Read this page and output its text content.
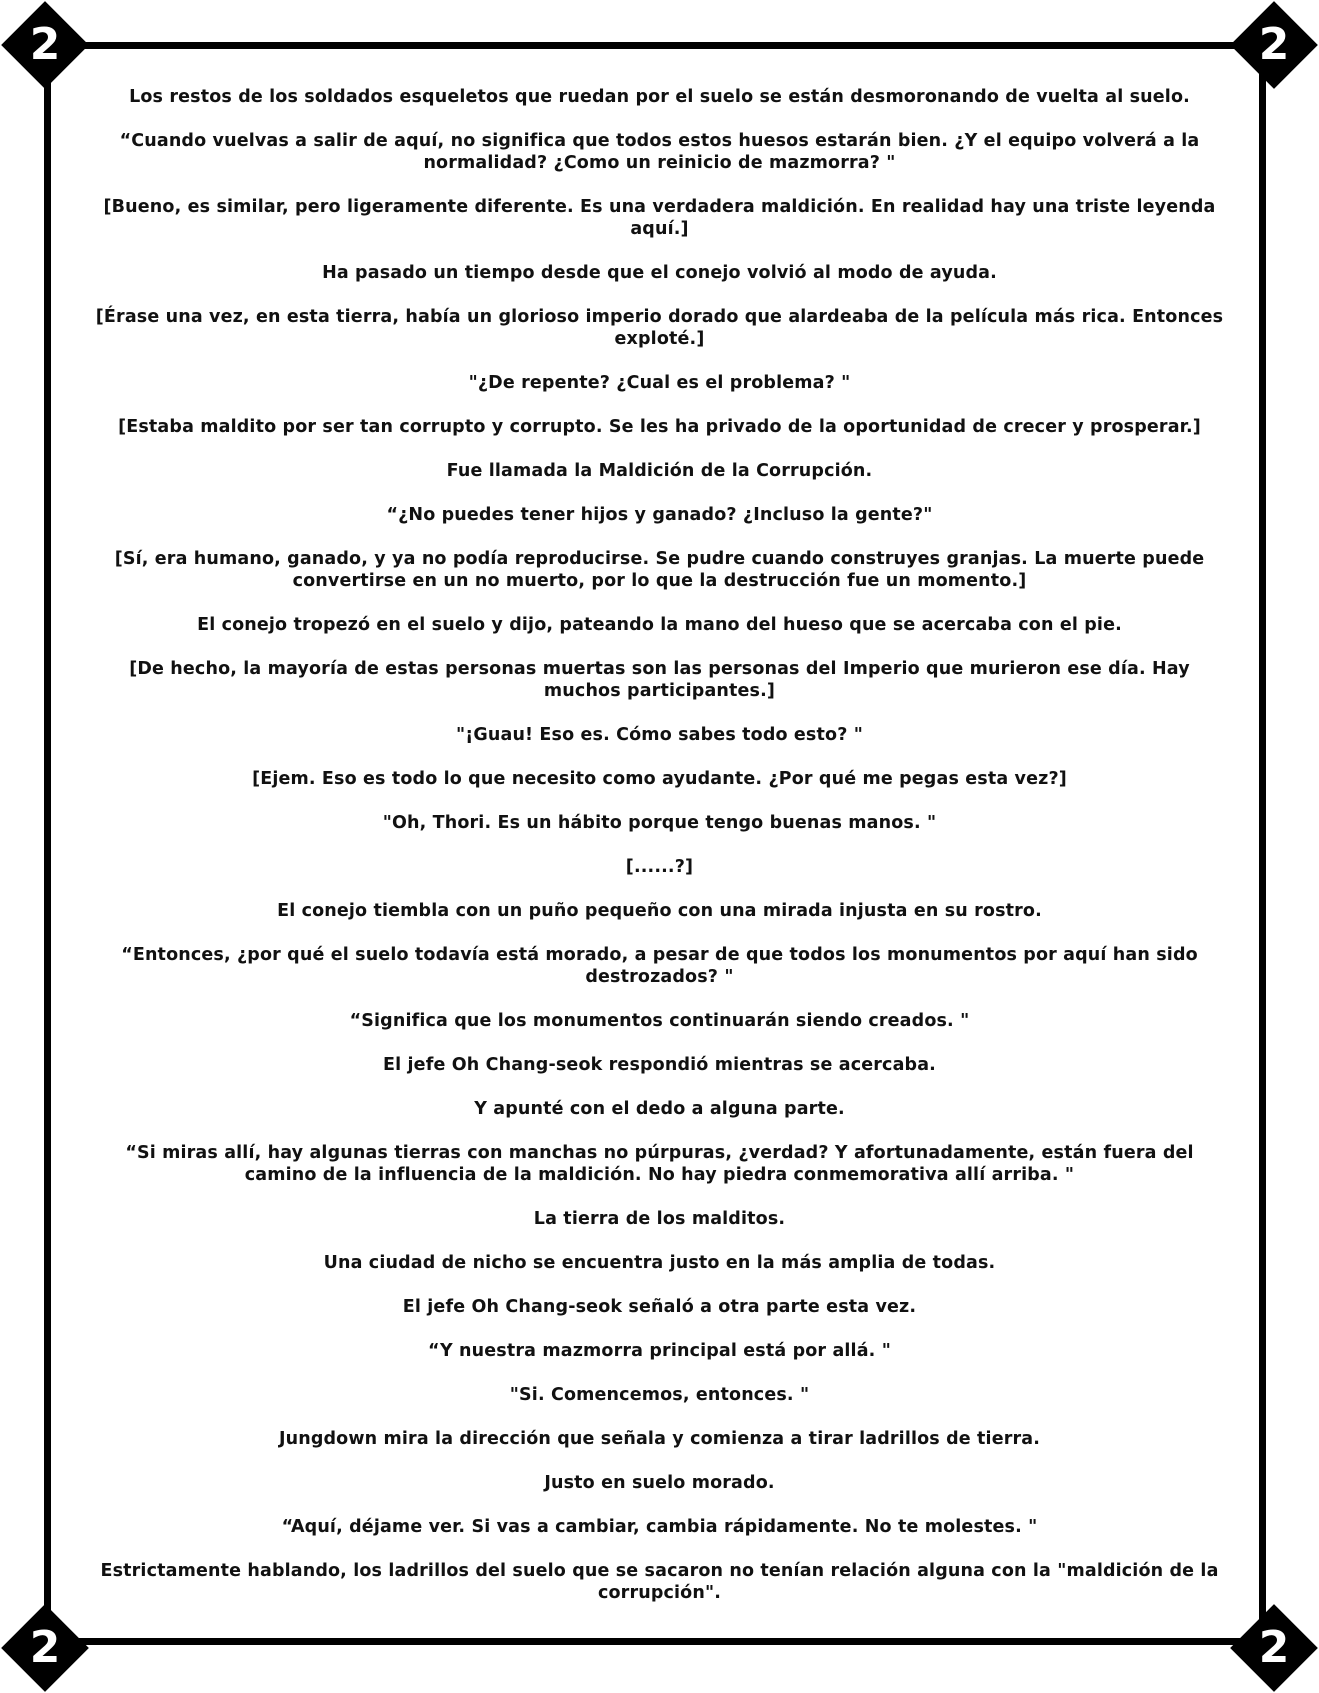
2	2
2	2

Los restos de los soldados esqueletos que ruedan por el suelo se están desmoronando de vuelta al suelo.

“Cuando vuelvas a salir de aquí, no significa que todos estos huesos estarán bien. ¿Y el equipo volverá a la normalidad? ¿Como un reinicio de mazmorra? "

[Bueno, es similar, pero ligeramente diferente. Es una verdadera maldición. En realidad hay una triste leyenda aquí.]

Ha pasado un tiempo desde que el conejo volvió al modo de ayuda.

[Érase una vez, en esta tierra, había un glorioso imperio dorado que alardeaba de la película más rica. Entonces exploté.]

"¿De repente? ¿Cual es el problema? "

[Estaba maldito por ser tan corrupto y corrupto. Se les ha privado de la oportunidad de crecer y prosperar.]

Fue llamada la Maldición de la Corrupción.

“¿No puedes tener hijos y ganado? ¿Incluso la gente?"

[Sí, era humano, ganado, y ya no podía reproducirse. Se pudre cuando construyes granjas. La muerte puede convertirse en un no muerto, por lo que la destrucción fue un momento.]

El conejo tropezó en el suelo y dijo, pateando la mano del hueso que se acercaba con el pie.

[De hecho, la mayoría de estas personas muertas son las personas del Imperio que murieron ese día. Hay muchos participantes.]

"¡Guau! Eso es. Cómo sabes todo esto? "

[Ejem. Eso es todo lo que necesito como ayudante. ¿Por qué me pegas esta vez?]

"Oh, Thori. Es un hábito porque tengo buenas manos. "

[......?]

El conejo tiembla con un puño pequeño con una mirada injusta en su rostro.

“Entonces, ¿por qué el suelo todavía está morado, a pesar de que todos los monumentos por aquí han sido destrozados? "

“Significa que los monumentos continuarán siendo creados. "

El jefe Oh Chang-seok respondió mientras se acercaba.

Y apunté con el dedo a alguna parte.

“Si miras allí, hay algunas tierras con manchas no púrpuras, ¿verdad? Y afortunadamente, están fuera del camino de la influencia de la maldición. No hay piedra conmemorativa allí arriba. "

La tierra de los malditos.

Una ciudad de nicho se encuentra justo en la más amplia de todas.

El jefe Oh Chang-seok señaló a otra parte esta vez.

“Y nuestra mazmorra principal está por allá. "

"Si. Comencemos, entonces. "

Jungdown mira la dirección que señala y comienza a tirar ladrillos de tierra.

Justo en suelo morado.

“Aquí, déjame ver. Si vas a cambiar, cambia rápidamente. No te molestes. "

Estrictamente hablando, los ladrillos del suelo que se sacaron no tenían relación alguna con la "maldición de la corrupción".
